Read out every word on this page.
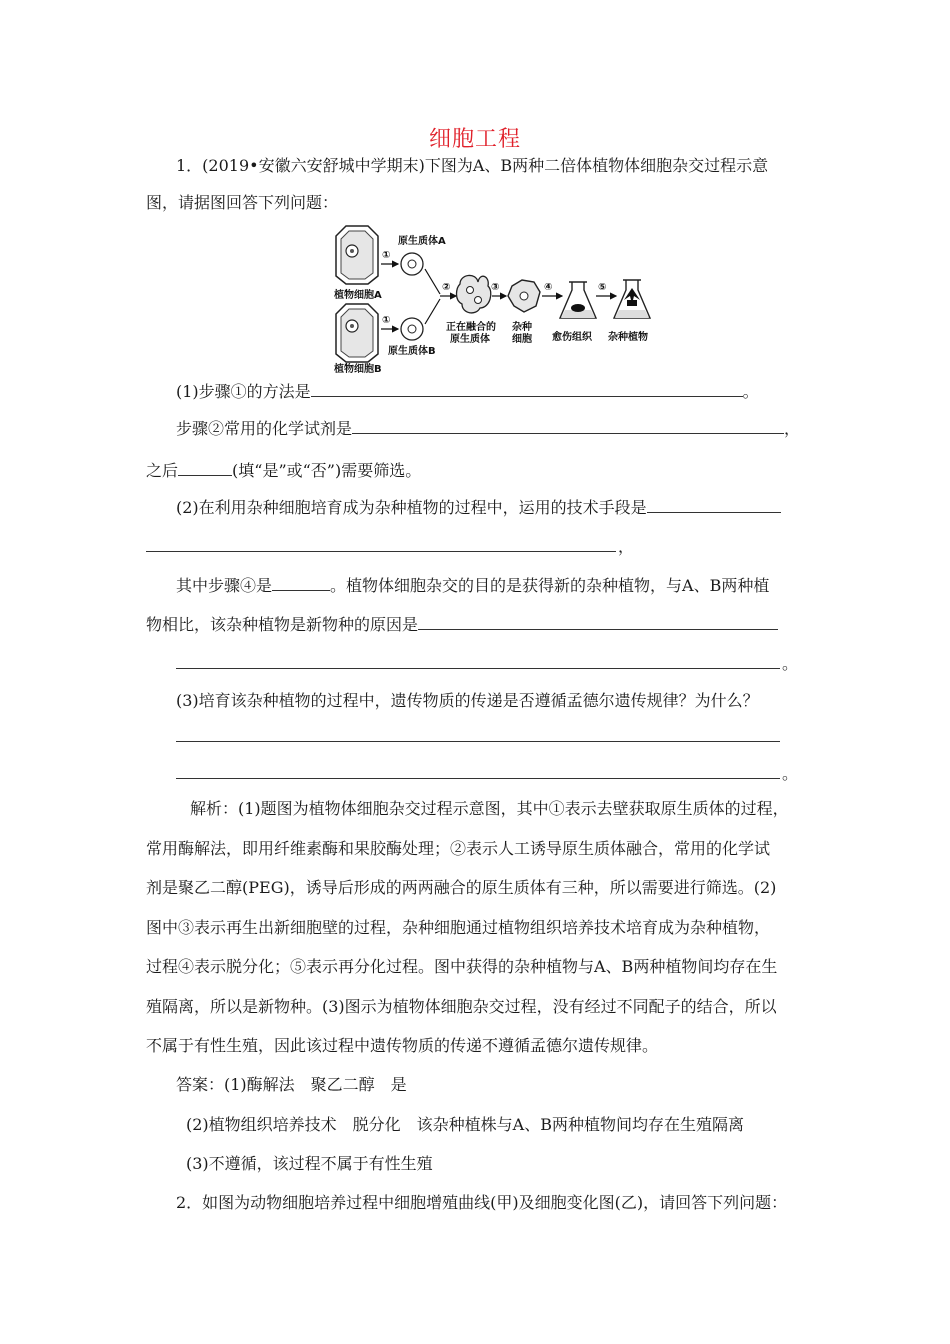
细胞工程
1．(2019•安徽六安舒城中学期末)下图为A、B两种二倍体植物体细胞杂交过程示意
图，请据图回答下列问题：
植物细胞A
植物细胞B
①
①
原生质体A
原生质体B
②
正在融合的
原生质体
③
杂种
细胞
④
愈伤组织
⑤
杂种植物
(1)步骤①的方法是	。
步骤②常用的化学试剂是	，
之后	(填“是”或“否”)需要筛选。
(2)在利用杂种细胞培育成为杂种植物的过程中，运用的技术手段是
，
其中步骤④是	。植物体细胞杂交的目的是获得新的杂种植物，与A、B两种植
物相比，该杂种植物是新物种的原因是
。
(3)培育该杂种植物的过程中，遗传物质的传递是否遵循孟德尔遗传规律？为什么？
。
解析：(1)题图为植物体细胞杂交过程示意图，其中①表示去壁获取原生质体的过程，
常用酶解法，即用纤维素酶和果胶酶处理；②表示人工诱导原生质体融合，常用的化学试
剂是聚乙二醇(PEG)，诱导后形成的两两融合的原生质体有三种，所以需要进行筛选。(2)
图中③表示再生出新细胞壁的过程，杂种细胞通过植物组织培养技术培育成为杂种植物，
过程④表示脱分化；⑤表示再分化过程。图中获得的杂种植物与A、B两种植物间均存在生
殖隔离，所以是新物种。(3)图示为植物体细胞杂交过程，没有经过不同配子的结合，所以
不属于有性生殖，因此该过程中遗传物质的传递不遵循孟德尔遗传规律。
答案：(1)酶解法　聚乙二醇　是
(2)植物组织培养技术　脱分化　该杂种植株与A、B两种植物间均存在生殖隔离
(3)不遵循，该过程不属于有性生殖
2．如图为动物细胞培养过程中细胞增殖曲线(甲)及细胞变化图(乙)，请回答下列问题：
